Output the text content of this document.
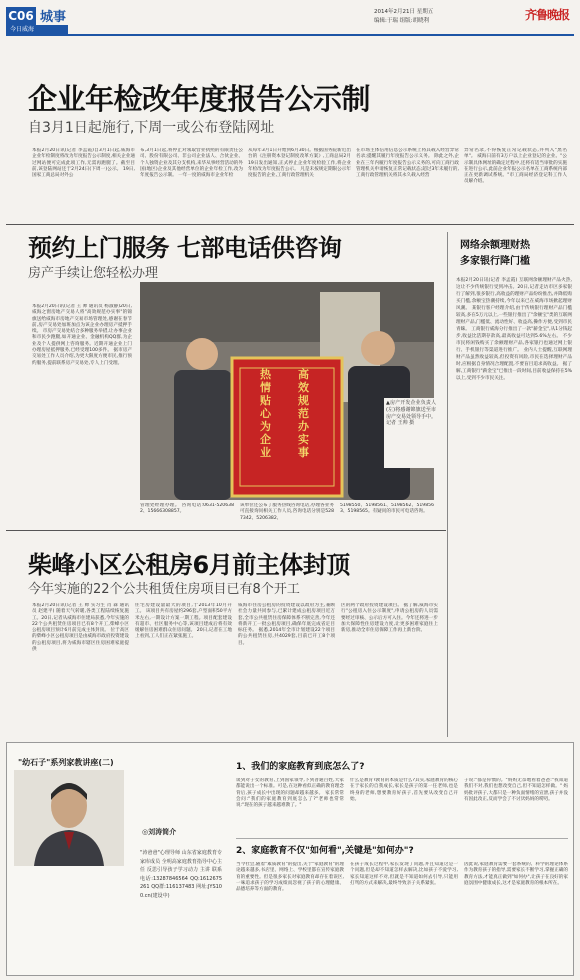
C06 城事
今日威海
2014年2月21日 星期五
编辑:于瑞 组版:胡晓利	齐鲁晚报
企业年检改年度报告公示制
自3月1日起施行,下周一或公布登陆网址
本报2月20日讯(记者 李孟霞)自3月1日起,威海市企业年检制度将改为年度报告公示制度,相关企业通过网站便可完成此项工作,无需再跑腿了。截至目前,该登陆网站还于2月24日(下周一)公示。 19日,国家工商总局对外公
布,3月1日起,将停止对领取营业执照的有限责任公司、股份有限公司、非公司企业法人、合伙企业、个人独资企业及其分支机构,来华从事经营活动的外国(地区)企业及其他经营单位的企业年检工作,改为年度报告公示制。 一年一度的威海市企业年检
从每年3月1日开始到6月30日。根据国务院新近出台的《注册资本登记制度改革方案》,工商总局2月19日发出通知,正式停止企业年度检验工作,将企业年检改为年度报告公示。 凡是未按规定期限公示年度报告的企业,工商行政管理机关
在市场主体信用信息公示系统上将其载入经营异常名录;提醒其履行年度报告公示义务。 除此之外,企业在三年内履行年度报告公示义务的,可向工商行政管理机关申请恢复正常记载状态;超过3年未履行的,工商行政管理机关将其永久载入经营
异常名录,不得恢复正常记载状态,并列入"黑名单"。 威海日前有3万户以上企业登记的企业。"公示制具体网址的确定过程中,还将有适当审批的实施在进行公示,此前企业年报公示名单在工商系统内部正在更新调试系统。"市工商局经济登记科工作人员解介绍。
预约上门服务 七部电话供咨询
房产手续让您轻松办理
本报2月20日讯(记者 王 帅 通讯员 杨淑静)20日,威海之窗房地产交易人将"高效规范办实事"的锦旗送给威海市房地产交易市场管理处,感谢在春节前,房产交易处加班加点为该企业办理房产抵押手续。 市房产交易处结合多种服务举措,让办事企业和市民少跑腿,如开通企业、金融机构QQ群,为企业及个人提供网上咨询服务。近期开通企业上门办理房屋抵押服务,已经受理100多件。 据市房产交易处工作人员介绍,为更大限度方便市民,推行预约服务,提前联系房产交易处,专人上门受理。
高效规范办实事
热情贴心为企业
▲房产开发企业负责人(左)将感谢锦旗送至市房产交易处领导手中。 记者 王帅 摄
管理处经理办理。 咨询电话:0631-5206382、15666308857。
该单位还公布了服务热线咨询电话,办理各业务可直接询问相关工作人员,咨询电话分别是5287342、5206382、
5198550、5198561、5198562、5198563、5198565。有疑问的市民可电话咨询。
网络余额理财热
多家银行降门槛
本报2月20日讯(记者 李孟霞) 互联网余额理财产品火热,这让不少传统银行受到冲击。20日,记者走访市区多家银行了解到,很多银行,高收益的理财产品纷纷推出,并降低购买门槛,余额宝热潮持续,今年以来已在威海市场掀起理财风潮。 某银行客户经理介绍,由于传统银行理财产品门槛较高,多在5万元以上,一些银行推出了"余额宝"类的互联网理财产品,门槛低、流动性好、收益高,操作方便,受到市民青睐。 工商银行威海分行推出了一款"薪金宝",从1分钱起步,收益比活期存款高,最高收益可达到5.6%左右。 不少市民将闲钱购买了余额理财产品,各家银行也通过网上银行、手机银行等渠道进行推广。 业内人士提醒,互联网理财产品虽然收益较高,但投资有风险,市民在选择理财产品时,应根据自身情况合理配置,不要盲目追求高收益。 据了解,工商银行"薪金宝"已推出一段时间,目前收益保持在5%以上,受到不少市民关注。
柴峰小区公租房6月前主体封顶
今年实施的22个公共租赁住房项目已有8个开工
本报2月20日讯(记者 王 帅 实习生 肖 森 通讯员 赵建平) 随着天气转暖,各类工程陆续恢复施工。20日,记者从威海市住建局获悉,今年实施的22个公共租赁住房项目已有8个开工,柴峰小区公租房项目预计6月前完成主体封顶。 位于高区的柴峰小区公租房项目是由威海市政府投资建设的公租房项目,将为威海市辖区住房困难家庭提供
住宅房建设量最大的项目,于2013年10月开工。 该项目共有房屋约296套,户型面积50平方米左右,一期设计方案一期工程。项目配套建设有超市、社区服务中心等,该项目建成后将有效缓解住房困难群众住房问题。 20日,记者在工地上看到,工人们正在紧张施工。
威海市住房公租房的投资建设以政府为主,兼顾社会力量共同参与,已累计建成公租房项目近万套,全市公共租赁住房保障体系不断完善,今年还将新开工一批公租房项目,确保年底完成省定目标任务。 据悉,2014年全市计划建设22个项目的公共租赁住房,共4029套,目前已开工8个项目。
区的两个政府投资建设项目。 据了解,威海市实行"公租房入住公示制度",申请公租房的人员需要经过审核、公示后方可入住。今年还将进一步加大保障性住房建设力度,让更多困难家庭住上新房,推动全市住房保障工作再上新台阶。
"幼石子"系列家教讲座(二)
◎刘涛简介
"涛爸爸"心理导师 山东省家庭教育专家库成员 全明高家庭教育指导中心主任 反思引导孩子学习动力 主讲 联系电话:13287846564 QQ:1612675261 QQ群:116137483 网址:JYS100.cn(建设中)
1、我们的家庭教育到底怎么了?
谈到对子女的教育,上到国家领导,下到普通百姓,大家都能说出一个标准。可是,在这种看似正确的教育理念背后,孩子成长中出现的问题却越来越多。 家长常常会问:"我们的家庭教育到底怎么了?"老师也常常说:"现在的孩子越来越难教了。"
什么是教育?教育的本质是什么?其实,家庭教育的核心在于家长的自我成长,家长是孩子的第一任老师,也是终身的老师,想要教育好孩子,首先要从改变自己开始。
子说:"都是你惯的。"妈妈无奈地看着爸爸:"我知道我们不对,我们也想改变自己,但不知道怎样做。" 妈妈批评孩子,大都只是一种负面情绪的宣泄,孩子并没有因此改正,反而学会了不讨厌妈妈的唠叨。
2、家庭教育不仅"如何看",关键是"如何办"?
当今社会,随着"素质教育"的提出,关于"家庭教育"的理论越来越多,书店里、网络上、学校里都在宣传家庭教育的重要性。但是很多家长对家庭教育却存在着误区,一味追求孩子的学习成绩而忽视了孩子的心理健康、品德培养等方面的教育。
在孩子成长过程中,家长发现了问题,并且知道这是一个问题,但是却不知道怎样去解决,比如孩子不爱学习,家长知道这样不对,但就是不知道如何去引导,只能用打骂的方式来解决,最终导致亲子关系紧张。
因此说,家庭教育需要一套系统的、科学的理论体系作为教育孩子的指导,需要家长不断学习,掌握正确的教育方法,才能真正做到"如何办",让孩子在良好的家庭氛围中健康成长,这才是家庭教育的根本所在。
